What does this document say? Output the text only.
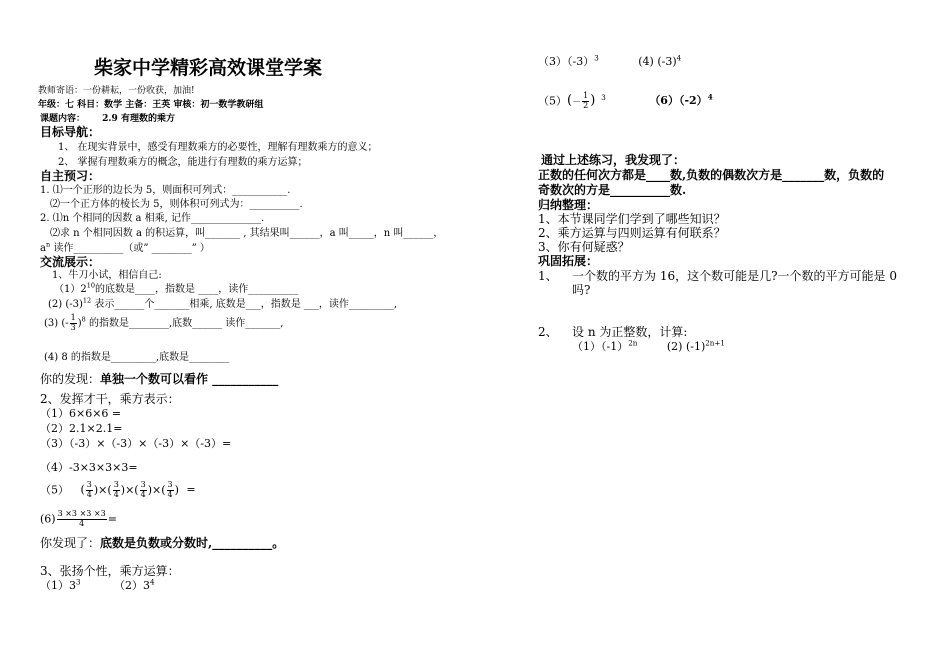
柴家中学精彩高效课堂学案
教师寄语：一份耕耘，一份收获，加油!
年级：七 科目：数学 主备：王英 审核：初一数学教研组
课题内容： 2.9 有理数的乘方
目标导航：
1、 在现实背景中，感受有理数乘方的必要性，理解有理数乘方的意义；
2、 掌握有理数乘方的概念，能进行有理数的乘方运算；
自主预习：
1. ⑴一个正形的边长为 5，则面积可列式：___________.
⑵一个正方体的棱长为 5，则体积可列式为：__________.
2. ⑴n 个相同的因数 a 相乘, 记作______________.
⑵求 n 个相同因数 a 的积运算，叫_______ , 其结果叫______，a 叫_____，n 叫______，
$a^n$ 读作__________（或” ________” ）
交流展示：
1、牛刀小试，相信自己:
$(1)2^{10}$的底数是____，指数是 ____，读作__________
(2) $(-3)^{12}$ 表示______个_______相乘, 底数是___，指数是 ___，读作_________,
(3) (- $\frac{1}{3} )^8$ 的指数是________,底数______ 读作_______,
(4) 8 的指数是_________,底数是________
你的发现：单独一个数可以看作 ___________
2、发挥才干，乘方表示：
（1）6×6×6 =
（2）2.1×2.1=
（3）（-3）×（-3）×（-3）×（-3）=
（4）-3×3×3×3=
（5） ( $\frac{3}{4}$ )×( $\frac{3}{4}$ )×( $\frac{3}{4}$ )×( $\frac{3}{4}$ ) =
$(6) \frac{3 \times 3 \times 3 \times 3}{4}$ =
你发现了：底数是负数或分数时,__________。
3、张扬个性，乘方运算：
$(1)3^3$	$(2)3^4$
$(3)(-3)^3$	(4) $(-3)^4$
$(5)(- \frac{1}{2}$ ) $^3$	$(6)(-2)^4$
通过上述练习，我发现了：
正数的任何次方都是____数,负数的偶数次方是_______数，负数的
奇数次的方是__________数.
归纳整理：
1、本节课同学们学到了哪些知识？
2、乘方运算与四则运算有何联系？
3、你有何疑惑？
巩固拓展：
1、 一个数的平方为 16，这个数可能是几?一个数的平方可能是 0
吗?
2、 设 n 为正整数，计算:
$(1)(-1)^{2n}$	(2) $(-1)^{2n+1}$
